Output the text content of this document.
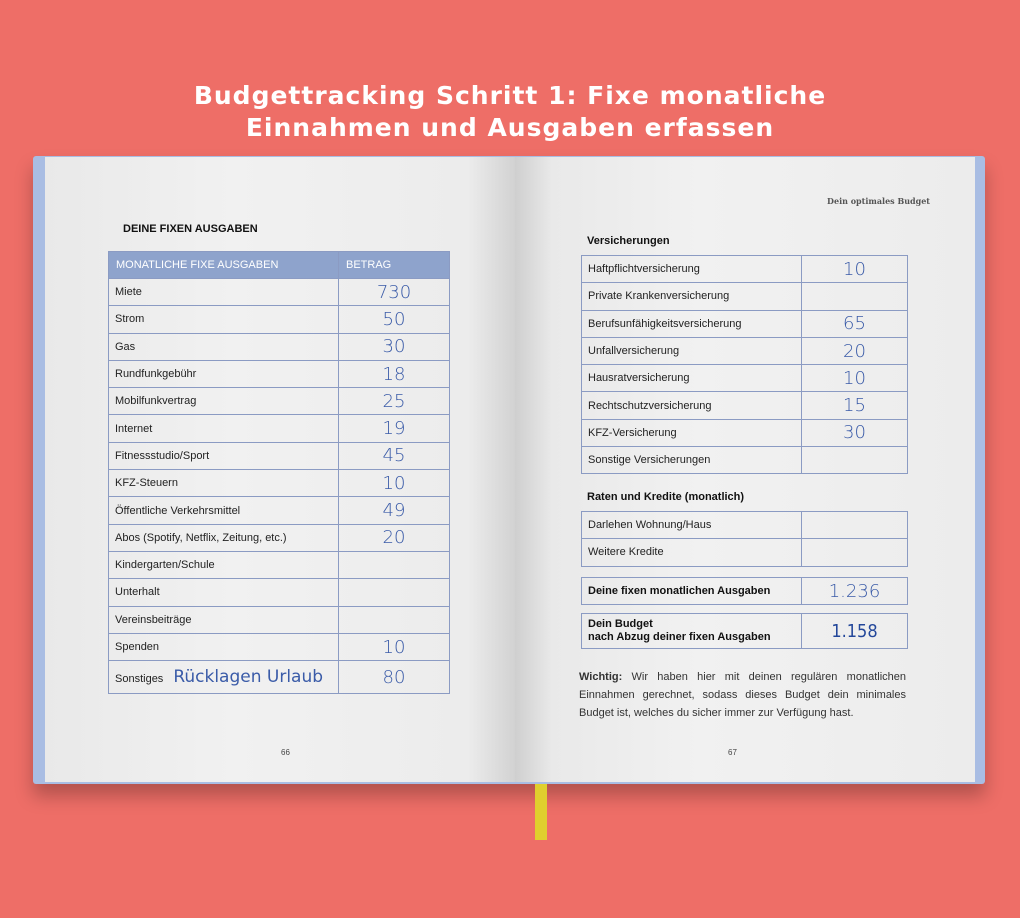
Budgettracking Schritt 1: Fixe monatliche
Einnahmen und Ausgaben erfassen
DEINE FIXEN AUSGABEN
MONATLICHE FIXE AUSGABEN	BETRAG
Miete	730
Strom	50
Gas	30
Rundfunkgebühr	18
Mobilfunkvertrag	25
Internet	19
Fitnessstudio/Sport	45
KFZ-Steuern	10
Öffentliche Verkehrsmittel	49
Abos (Spotify, Netflix, Zeitung, etc.)	20
Kindergarten/Schule	
Unterhalt	
Vereinsbeiträge	
Spenden	10
Sonstiges Rücklagen Urlaub	80
66
Dein optimales Budget
Versicherungen
Haftpflichtversicherung	10
Private Krankenversicherung	
Berufsunfähigkeitsversicherung	65
Unfallversicherung	20
Hausratversicherung	10
Rechtschutzversicherung	15
KFZ-Versicherung	30
Sonstige Versicherungen	
Raten und Kredite (monatlich)
Darlehen Wohnung/Haus	
Weitere Kredite	
Deine fixen monatlichen Ausgaben	1.236
Dein Budget
nach Abzug deiner fixen Ausgaben	1.158
Wichtig: Wir haben hier mit deinen regulären monatlichen Einnahmen gerechnet, sodass dieses Budget dein minimales Budget ist, welches du sicher immer zur Verfügung hast.
67
